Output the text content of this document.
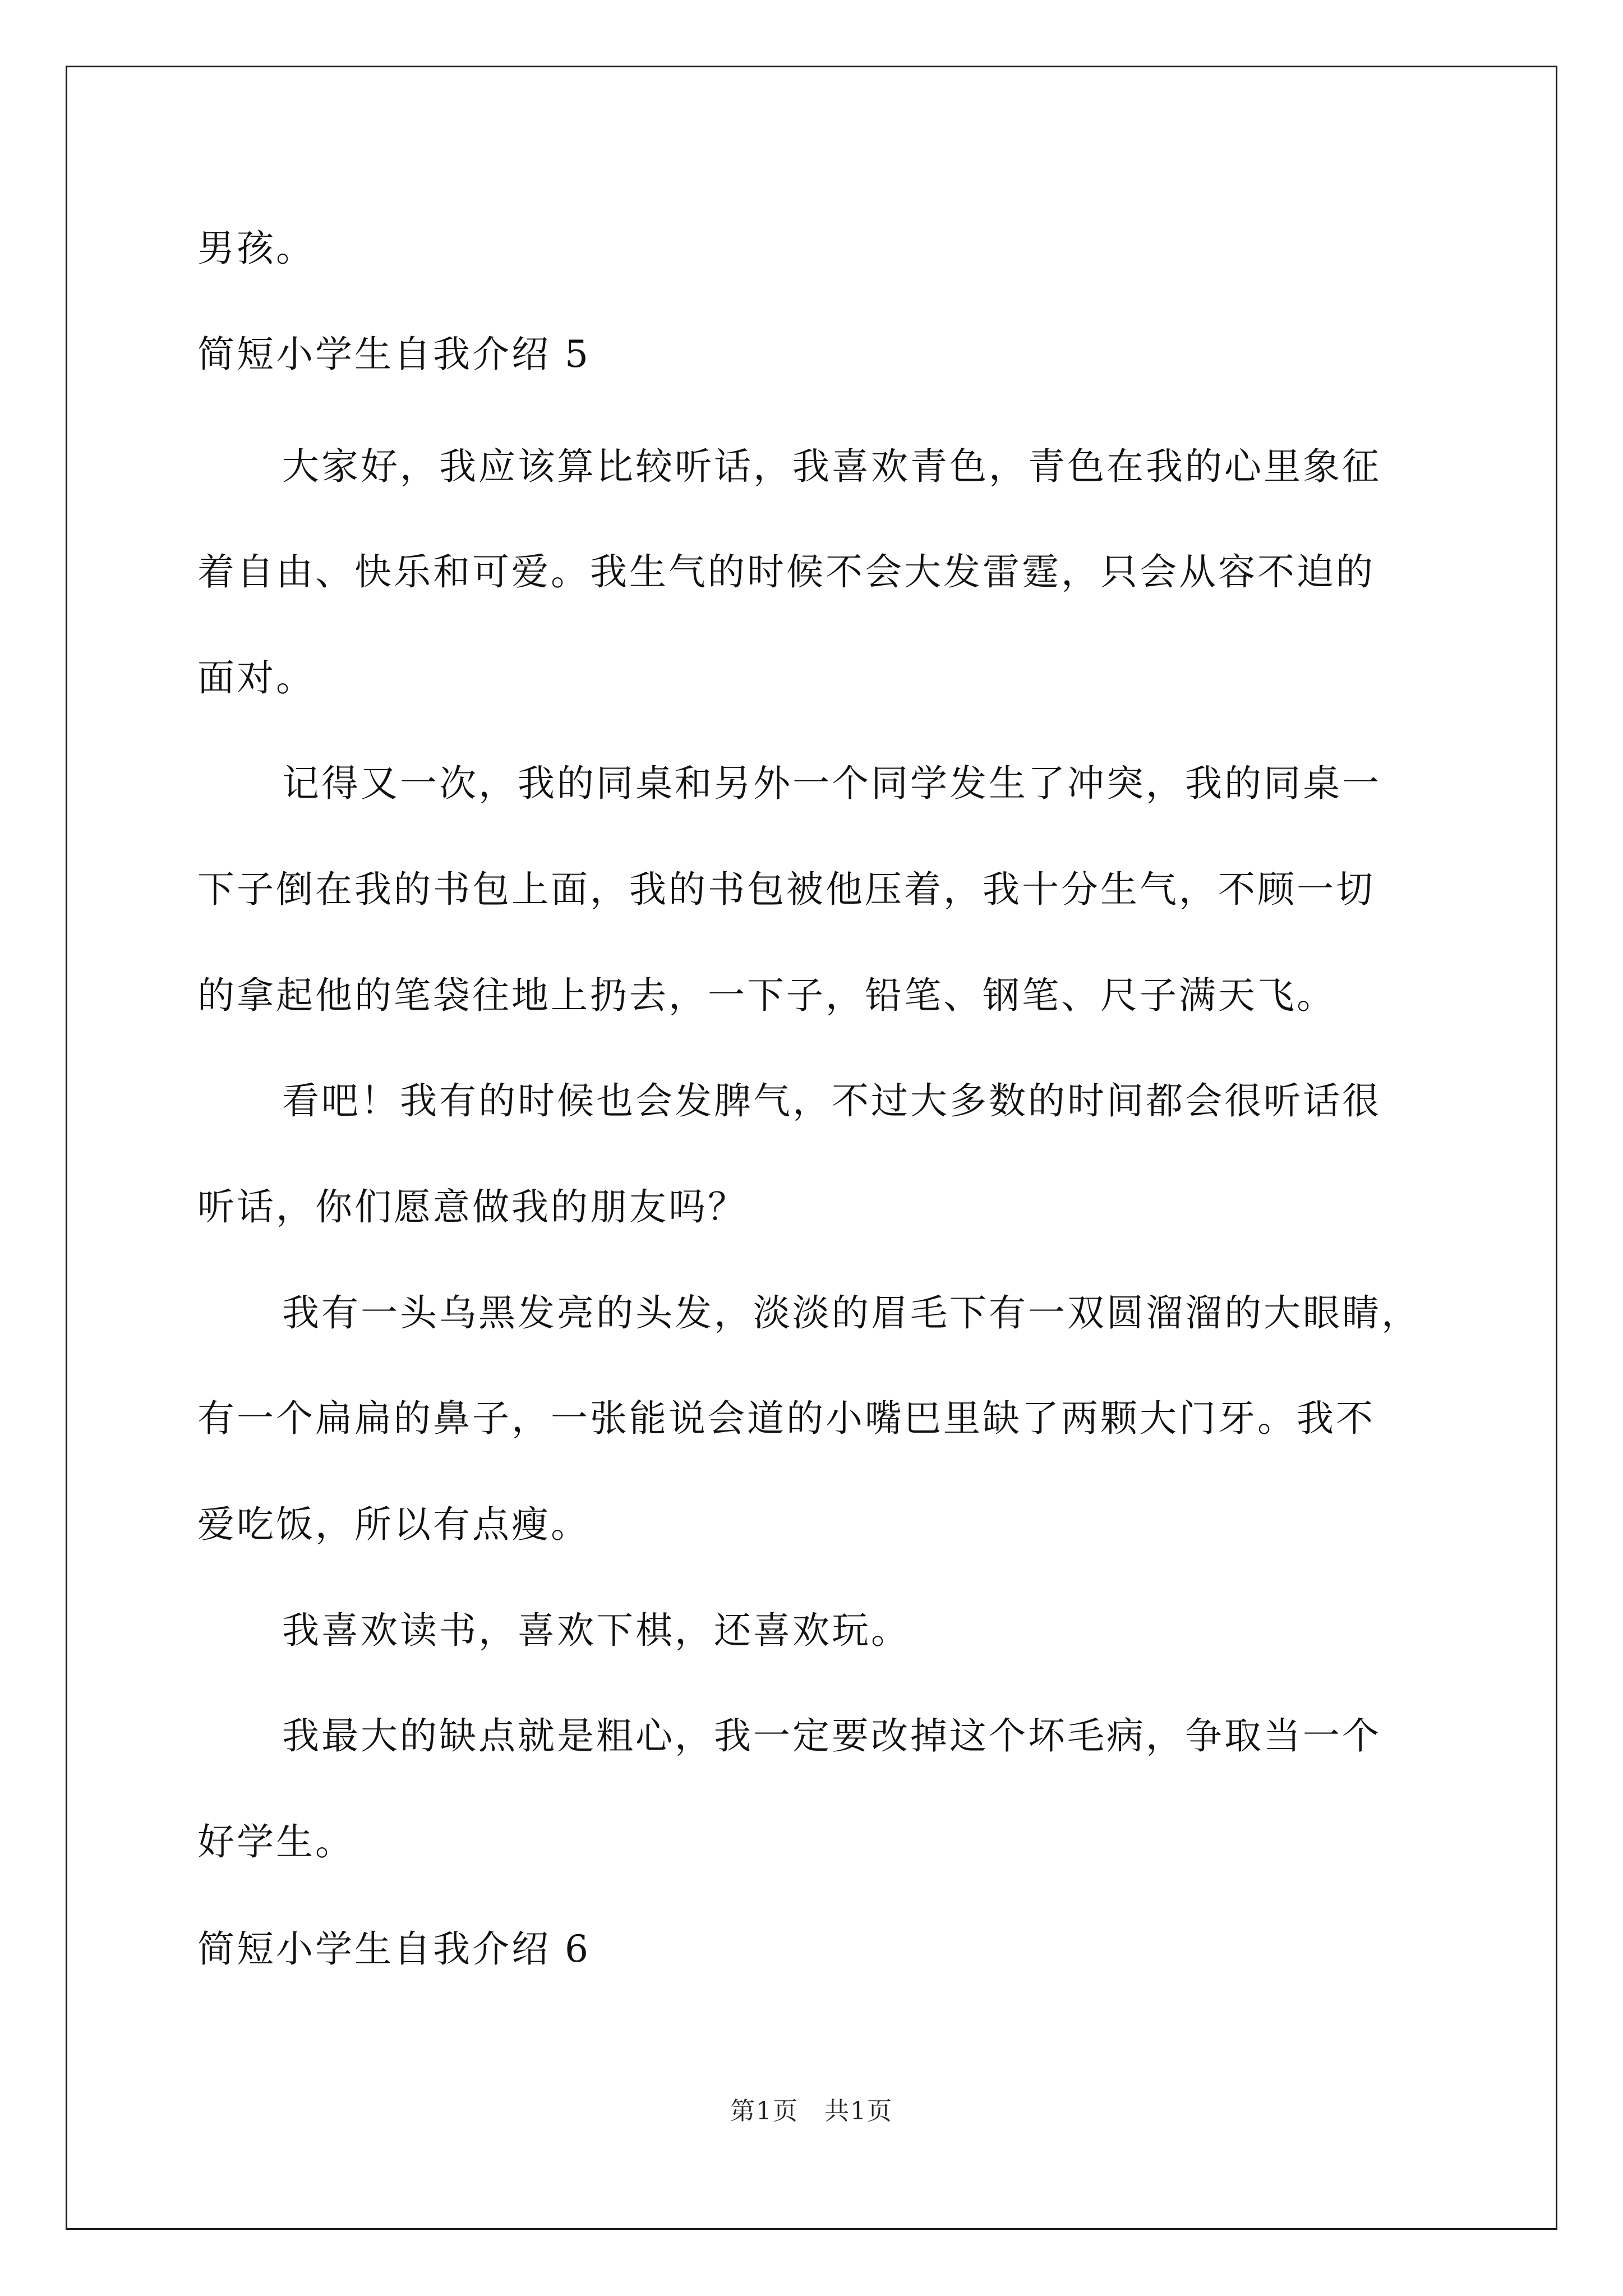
男孩。

简短小学生自我介绍 5

大家好，我应该算比较听话，我喜欢青色，青色在我的心里象征

着自由、快乐和可爱。我生气的时候不会大发雷霆，只会从容不迫的

面对。

记得又一次，我的同桌和另外一个同学发生了冲突，我的同桌一

下子倒在我的书包上面，我的书包被他压着，我十分生气，不顾一切

的拿起他的笔袋往地上扔去，一下子，铅笔、钢笔、尺子满天飞。

看吧！我有的时候也会发脾气，不过大多数的时间都会很听话很

听话，你们愿意做我的朋友吗？

我有一头乌黑发亮的头发，淡淡的眉毛下有一双圆溜溜的大眼睛，

有一个扁扁的鼻子，一张能说会道的小嘴巴里缺了两颗大门牙。我不

爱吃饭，所以有点瘦。

我喜欢读书，喜欢下棋，还喜欢玩。

我最大的缺点就是粗心，我一定要改掉这个坏毛病，争取当一个

好学生。

简短小学生自我介绍 6

第1页　共1页
